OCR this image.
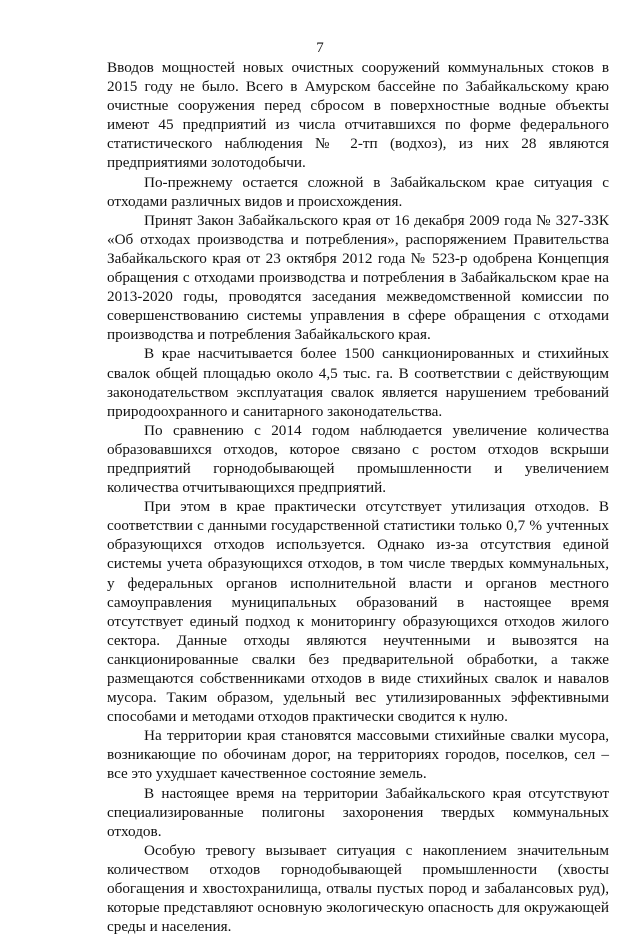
7

Вводов мощностей новых очистных сооружений коммунальных стоков в 2015 году не было. Всего в Амурском бассейне по Забайкальскому краю очистные сооружения перед сбросом в поверхностные водные объекты имеют 45 предприятий из числа отчитавшихся по форме федерального статистического наблюдения № 2-тп (водхоз), из них 28 являются предприятиями золотодобычи.

По-прежнему остается сложной в Забайкальском крае ситуация с отходами различных видов и происхождения.

Принят Закон Забайкальского края от 16 декабря 2009 года № 327-ЗЗК «Об отходах производства и потребления», распоряжением Правительства Забайкальского края от 23 октября 2012 года № 523-р одобрена Концепция обращения с отходами производства и потребления в Забайкальском крае на 2013-2020 годы, проводятся заседания межведомственной комиссии по совершенствованию системы управления в сфере обращения с отходами производства и потребления Забайкальского края.

В крае насчитывается более 1500 санкционированных и стихийных свалок общей площадью около 4,5 тыс. га. В соответствии с действующим законодательством эксплуатация свалок является нарушением требований природоохранного и санитарного законодательства.

По сравнению с 2014 годом наблюдается увеличение количества образовавшихся отходов, которое связано с ростом отходов вскрыши предприятий горнодобывающей промышленности и увеличением количества отчитывающихся предприятий.

При этом в крае практически отсутствует утилизация отходов. В соответствии с данными государственной статистики только 0,7 % учтенных образующихся отходов используется. Однако из-за отсутствия единой системы учета образующихся отходов, в том числе твердых коммунальных, у федеральных органов исполнительной власти и органов местного самоуправления муниципальных образований в настоящее время отсутствует единый подход к мониторингу образующихся отходов жилого сектора. Данные отходы являются неучтенными и вывозятся на санкционированные свалки без предварительной обработки, а также размещаются собственниками отходов в виде стихийных свалок и навалов мусора. Таким образом, удельный вес утилизированных эффективными способами и методами отходов практически сводится к нулю.

На территории края становятся массовыми стихийные свалки мусора, возникающие по обочинам дорог, на территориях городов, поселков, сел – все это ухудшает качественное состояние земель.

В настоящее время на территории Забайкальского края отсутствуют специализированные полигоны захоронения твердых коммунальных отходов.

Особую тревогу вызывает ситуация с накоплением значительным количеством отходов горнодобывающей промышленности (хвосты обогащения и хвостохранилища, отвалы пустых пород и забалансовых руд), которые представляют основную экологическую опасность для окружающей среды и населения.
